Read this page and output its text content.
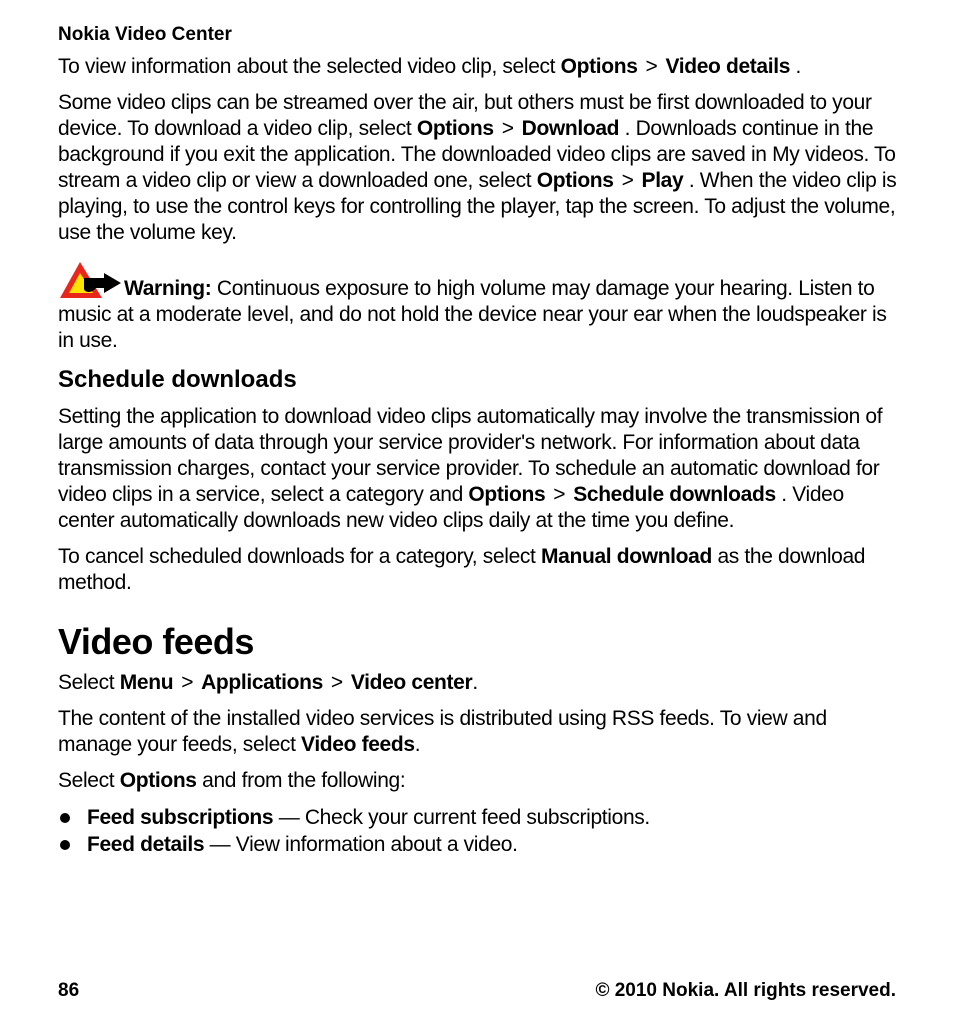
Nokia Video Center

To view information about the selected video clip, select Options > Video details .

Some video clips can be streamed over the air, but others must be first downloaded to your device. To download a video clip, select Options > Download . Downloads continue in the background if you exit the application. The downloaded video clips are saved in My videos. To stream a video clip or view a downloaded one, select Options > Play . When the video clip is playing, to use the control keys for controlling the player, tap the screen. To adjust the volume, use the volume key.

Warning: Continuous exposure to high volume may damage your hearing. Listen to music at a moderate level, and do not hold the device near your ear when the loudspeaker is in use.

Schedule downloads

Setting the application to download video clips automatically may involve the transmission of large amounts of data through your service provider's network. For information about data transmission charges, contact your service provider. To schedule an automatic download for video clips in a service, select a category and Options > Schedule downloads . Video center automatically downloads new video clips daily at the time you define.

To cancel scheduled downloads for a category, select Manual download as the download method.

Video feeds

Select Menu > Applications > Video center.

The content of the installed video services is distributed using RSS feeds. To view and manage your feeds, select Video feeds.

Select Options and from the following:

Feed subscriptions — Check your current feed subscriptions.
Feed details — View information about a video.
86	© 2010 Nokia. All rights reserved.
